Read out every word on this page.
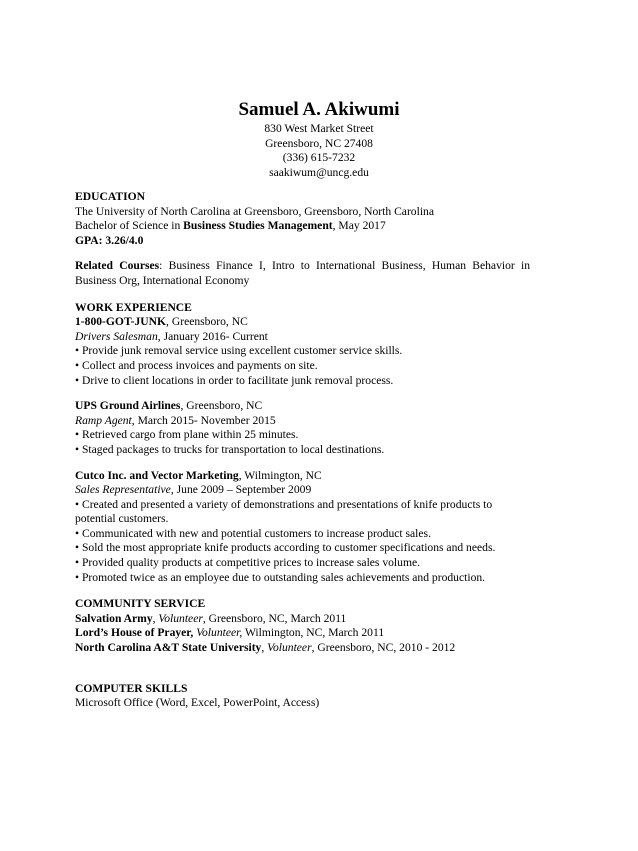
Samuel A. Akiwumi
830 West Market Street
Greensboro, NC 27408
(336) 615-7232
saakiwum@uncg.edu
EDUCATION
The University of North Carolina at Greensboro, Greensboro, North Carolina
Bachelor of Science in Business Studies Management, May 2017
GPA: 3.26/4.0
Related Courses: Business Finance I, Intro to International Business, Human Behavior in Business Org, International Economy
WORK EXPERIENCE
1-800-GOT-JUNK, Greensboro, NC
Drivers Salesman, January 2016- Current
• Provide junk removal service using excellent customer service skills.
• Collect and process invoices and payments on site.
• Drive to client locations in order to facilitate junk removal process.
UPS Ground Airlines, Greensboro, NC
Ramp Agent, March 2015- November 2015
• Retrieved cargo from plane within 25 minutes.
• Staged packages to trucks for transportation to local destinations.
Cutco Inc. and Vector Marketing, Wilmington, NC
Sales Representative, June 2009 – September 2009
• Created and presented a variety of demonstrations and presentations of knife products to potential customers.
• Communicated with new and potential customers to increase product sales.
• Sold the most appropriate knife products according to customer specifications and needs.
• Provided quality products at competitive prices to increase sales volume.
• Promoted twice as an employee due to outstanding sales achievements and production.
COMMUNITY SERVICE
Salvation Army, Volunteer, Greensboro, NC, March 2011
Lord’s House of Prayer, Volunteer, Wilmington, NC, March 2011
North Carolina A&T State University, Volunteer, Greensboro, NC, 2010 - 2012
COMPUTER SKILLS
Microsoft Office (Word, Excel, PowerPoint, Access)
